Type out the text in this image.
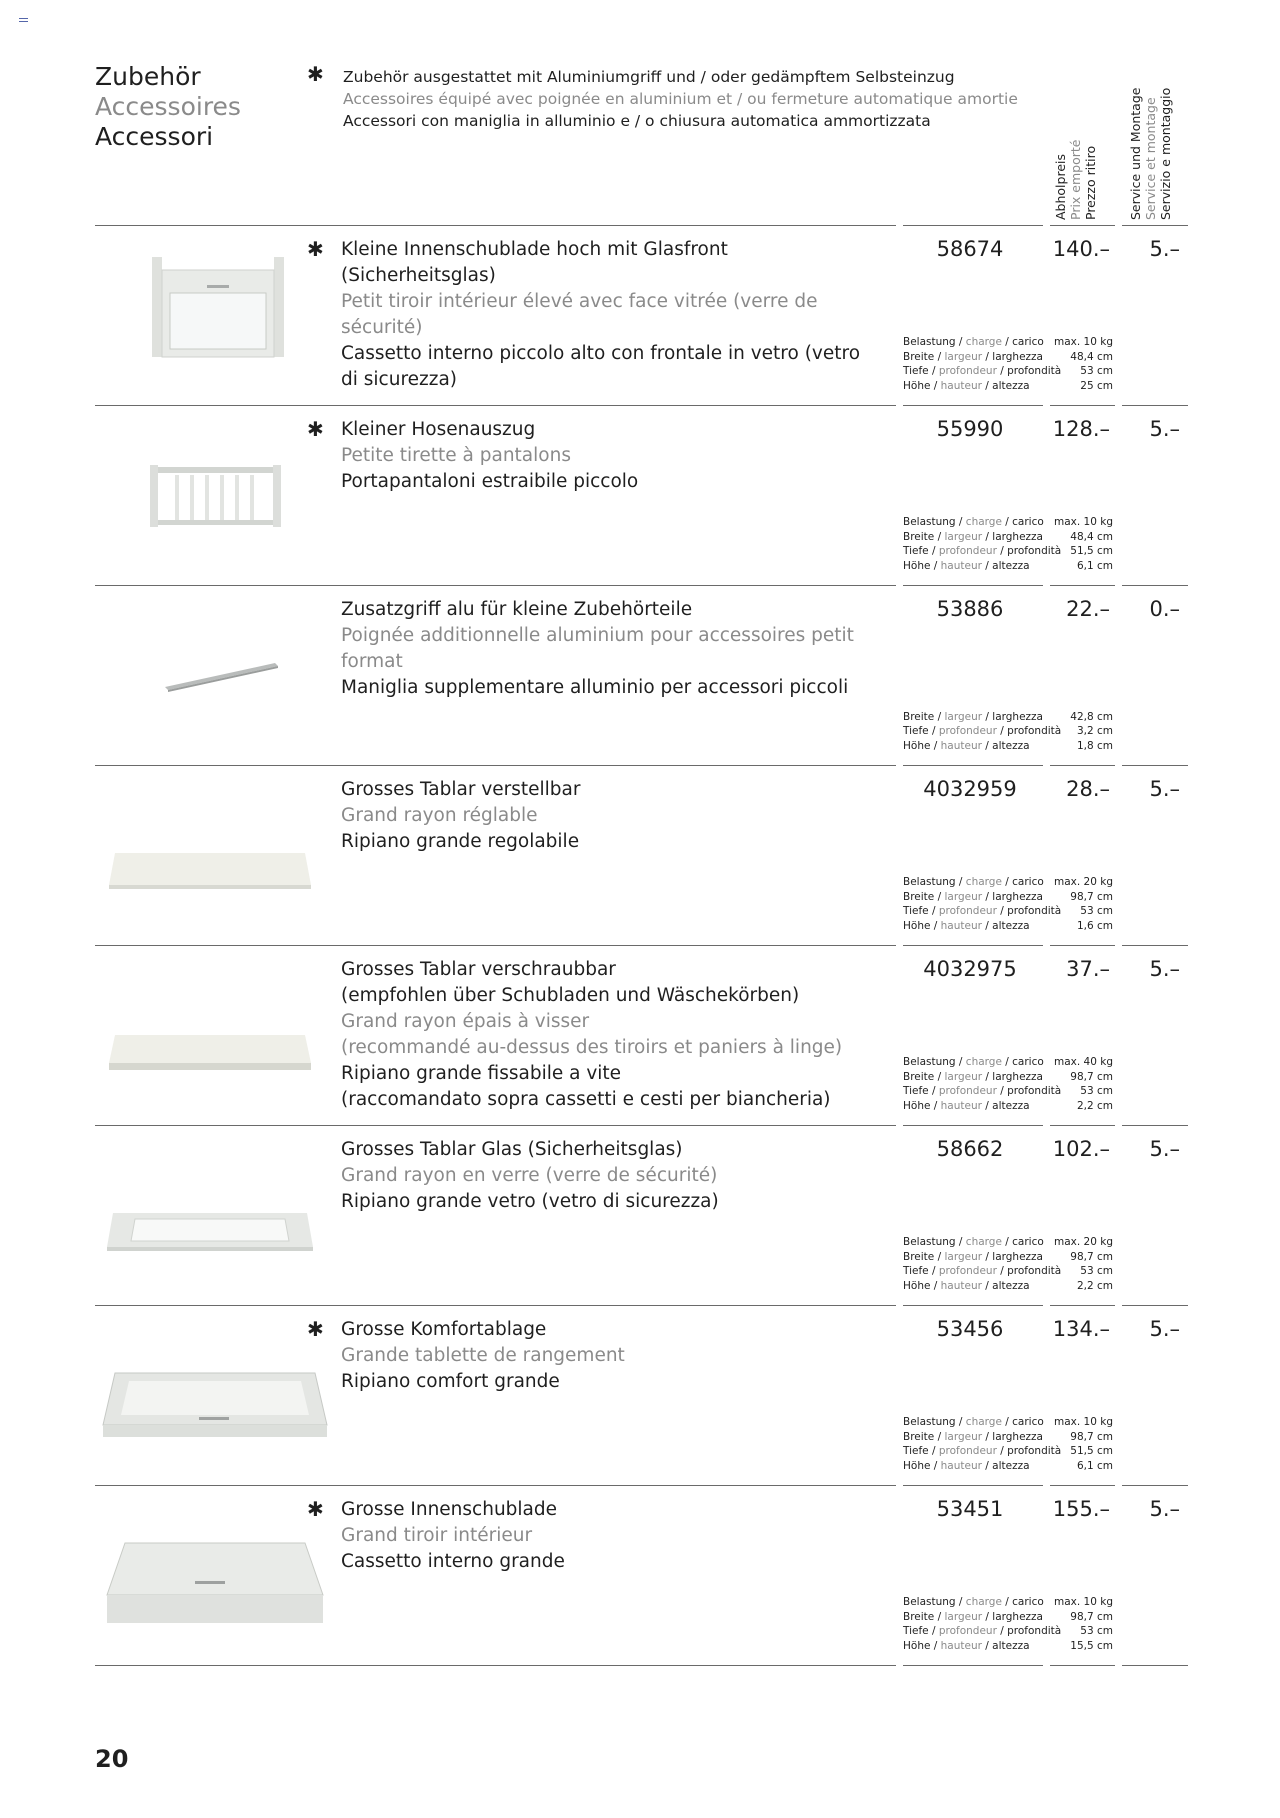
Zubehör
Accessoires
Accessori
✱ Zubehör ausgestattet mit Aluminiumgriff und / oder gedämpftem Selbsteinzug
Accessoires équipé avec poignée en aluminium et / ou fermeture automatique amortie
Accessori con maniglia in alluminio e / o chiusura automatica ammortizzata
Abholpreis Prix emporté Prezzo ritiro Service und Montage Service et montage Servizio e montaggio
✱ Kleine Innenschublade hoch mit Glasfront (Sicherheitsglas)
Petit tiroir intérieur élevé avec face vitrée (verre de sécurité)
Cassetto interno piccolo alto con frontale in vetro (vetro di sicurezza)
58674	140.–	5.–
Belastung / charge / carico max. 10 kg
Breite / largeur / larghezza	48,4 cm
Tiefe / profondeur / profondità 53 cm
Höhe / hauteur / altezza	25 cm
✱ Kleiner Hosenauszug
Petite tirette à pantalons
Portapantaloni estraibile piccolo
55990	128.–	5.–
Belastung / charge / carico max. 10 kg
Breite / largeur / larghezza	48,4 cm
Tiefe / profondeur / profondità 51,5 cm
Höhe / hauteur / altezza	6,1 cm
Zusatzgriff alu für kleine Zubehörteile
Poignée additionnelle aluminium pour accessoires petit format
Maniglia supplementare alluminio per accessori piccoli
53886	22.–	0.–
Breite / largeur / larghezza	42,8 cm
Tiefe / profondeur / profondità 3,2 cm
Höhe / hauteur / altezza	1,8 cm
Grosses Tablar verstellbar
Grand rayon réglable
Ripiano grande regolabile
4032959	28.–	5.–
Belastung / charge / carico max. 20 kg
Breite / largeur / larghezza	98,7 cm
Tiefe / profondeur / profondità 53 cm
Höhe / hauteur / altezza	1,6 cm
Grosses Tablar verschraubbar
(empfohlen über Schubladen und Wäschekörben)
Grand rayon épais à visser
(recommandé au-dessus des tiroirs et paniers à linge)
Ripiano grande fissabile a vite
(raccomandato sopra cassetti e cesti per biancheria)
4032975	37.–	5.–
Belastung / charge / carico max. 40 kg
Breite / largeur / larghezza	98,7 cm
Tiefe / profondeur / profondità 53 cm
Höhe / hauteur / altezza	2,2 cm
Grosses Tablar Glas (Sicherheitsglas)
Grand rayon en verre (verre de sécurité)
Ripiano grande vetro (vetro di sicurezza)
58662	102.–	5.–
Belastung / charge / carico max. 20 kg
Breite / largeur / larghezza	98,7 cm
Tiefe / profondeur / profondità 53 cm
Höhe / hauteur / altezza	2,2 cm
✱ Grosse Komfortablage
Grande tablette de rangement
Ripiano comfort grande
53456	134.–	5.–
Belastung / charge / carico max. 10 kg
Breite / largeur / larghezza	98,7 cm
Tiefe / profondeur / profondità 51,5 cm
Höhe / hauteur / altezza	6,1 cm
✱ Grosse Innenschublade
Grand tiroir intérieur
Cassetto interno grande
53451	155.–	5.–
Belastung / charge / carico max. 10 kg
Breite / largeur / larghezza	98,7 cm
Tiefe / profondeur / profondità 53 cm
Höhe / hauteur / altezza	15,5 cm
20
